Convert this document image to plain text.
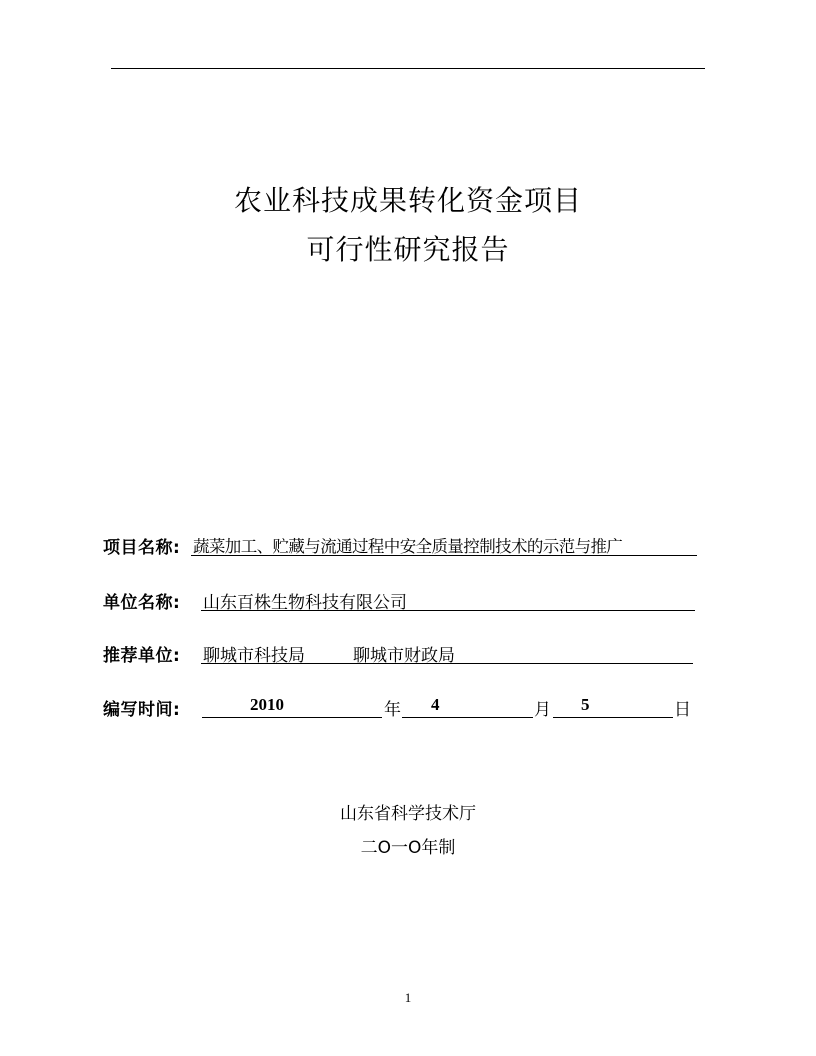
农业科技成果转化资金项目
可行性研究报告
项目名称: 蔬菜加工、贮藏与流通过程中安全质量控制技术的示范与推广
单位名称: 山东百株生物科技有限公司
推荐单位: 聊城市科技局	聊城市财政局
编写时间:	2010	年 4	月 5	日
山东省科学技术厅
二O一O年制
1
